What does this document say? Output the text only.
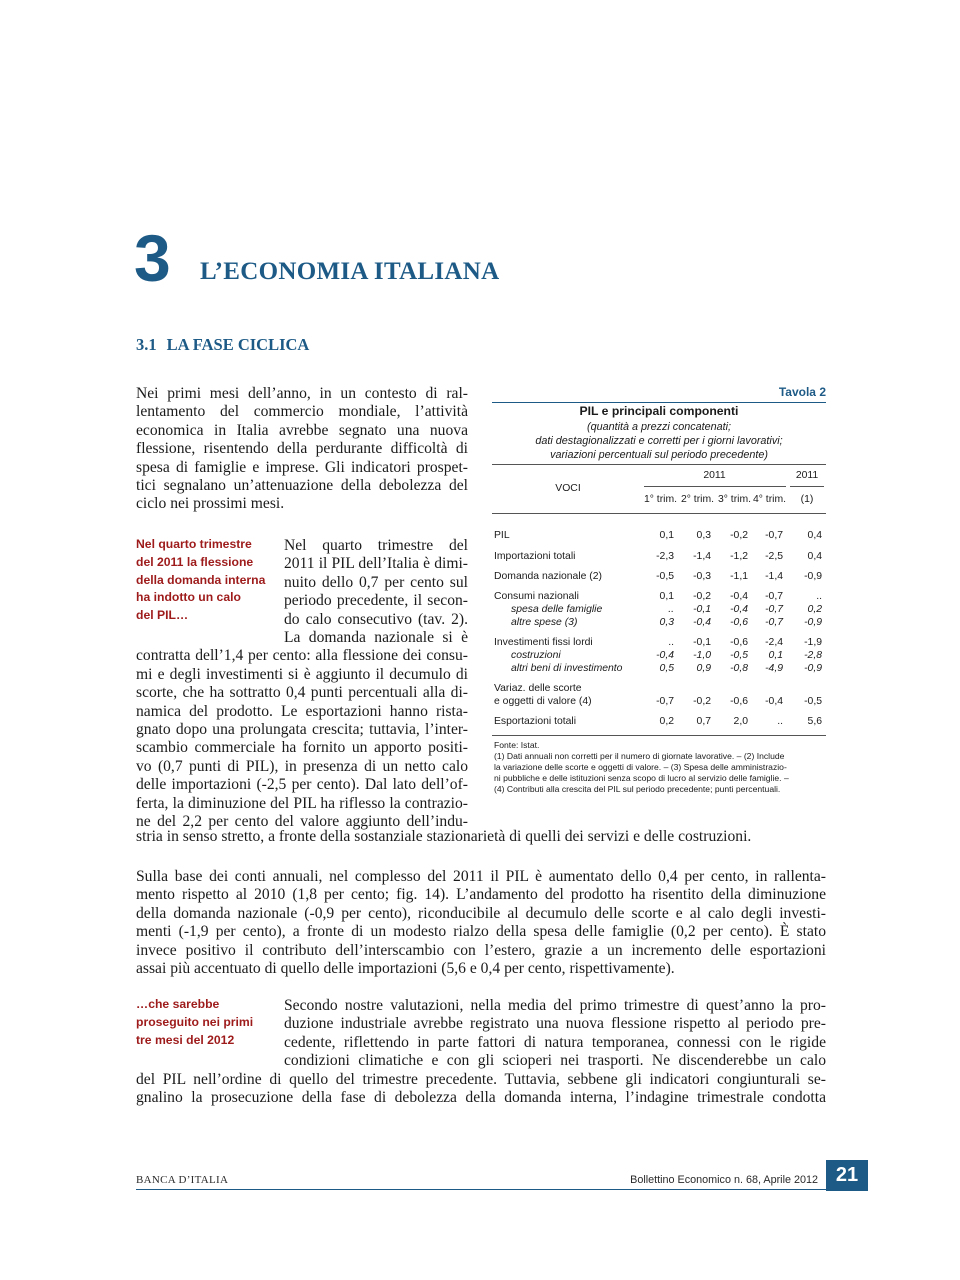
3 L’ECONOMIA ITALIANA
3.1 LA FASE CICLICA
Nei primi mesi dell’anno, in un contesto di ral-
lentamento del commercio mondiale, l’attività
economica in Italia avrebbe segnato una nuova
flessione, risentendo della perdurante difficoltà di
spesa di famiglie e imprese. Gli indicatori prospet-
tici segnalano un’attenuazione della debolezza del
ciclo nei prossimi mesi.
Nel quarto trimestre
del 2011 la flessione
della domanda interna
ha indotto un calo
del PIL…
Nel quarto trimestre del
2011 il PIL dell’Italia è dimi-
nuito dello 0,7 per cento sul
periodo precedente, il secon-
do calo consecutivo (tav. 2).
La domanda nazionale si è
contratta dell’1,4 per cento: alla flessione dei consu-
mi e degli investimenti si è aggiunto il decumulo di
scorte, che ha sottratto 0,4 punti percentuali alla di-
namica del prodotto. Le esportazioni hanno rista-
gnato dopo una prolungata crescita; tuttavia, l’inter-
scambio commerciale ha fornito un apporto positi-
vo (0,7 punti di PIL), in presenza di un netto calo
delle importazioni (-2,5 per cento). Dal lato dell’of-
ferta, la diminuzione del PIL ha riflesso la contrazio-
ne del 2,2 per cento del valore aggiunto dell’indu-
stria in senso stretto, a fronte della sostanziale stazionarietà di quelli dei servizi e delle costruzioni.
Tavola 2
PIL e principali componenti
(quantità a prezzi concatenati;
dati destagionalizzati e corretti per i giorni lavorativi;
variazioni percentuali sul periodo precedente)
VOCI
2011	2011
1° trim. 2° trim. 3° trim. 4° trim.	(1)
PIL	0,1	0,3	-0,2	-0,7	0,4
Importazioni totali	-2,3	-1,4	-1,2	-2,5	0,4
Domanda nazionale (2)	-0,5	-0,3	-1,1	-1,4	-0,9
Consumi nazionali	0,1	-0,2	-0,4	-0,7	..
spesa delle famiglie	..	-0,1	-0,4	-0,7	0,2
altre spese (3)	0,3	-0,4	-0,6	-0,7	-0,9
Investimenti fissi lordi	..	-0,1	-0,6	-2,4	-1,9
costruzioni	-0,4	-1,0	-0,5	0,1	-2,8
altri beni di investimento	0,5	0,9	-0,8	-4,9	-0,9
Variaz. delle scorte
e oggetti di valore (4)	-0,7	-0,2	-0,6	-0,4	-0,5
Esportazioni totali	0,2	0,7	2,0	..	5,6
Fonte: Istat.
(1) Dati annuali non corretti per il numero di giornate lavorative. – (2) Include
la variazione delle scorte e oggetti di valore. – (3) Spesa delle amministrazio-
ni pubbliche e delle istituzioni senza scopo di lucro al servizio delle famiglie. –
(4) Contributi alla crescita del PIL sul periodo precedente; punti percentuali.
Sulla base dei conti annuali, nel complesso del 2011 il PIL è aumentato dello 0,4 per cento, in rallenta-
mento rispetto al 2010 (1,8 per cento; fig. 14). L’andamento del prodotto ha risentito della diminuzione
della domanda nazionale (-0,9 per cento), riconducibile al decumulo delle scorte e al calo degli investi-
menti (-1,9 per cento), a fronte di un modesto rialzo della spesa delle famiglie (0,2 per cento). È stato
invece positivo il contributo dell’interscambio con l’estero, grazie a un incremento delle esportazioni
assai più accentuato di quello delle importazioni (5,6 e 0,4 per cento, rispettivamente).
…che sarebbe
proseguito nei primi
tre mesi del 2012
Secondo nostre valutazioni, nella media del primo trimestre di quest’anno la pro-
duzione industriale avrebbe registrato una nuova flessione rispetto al periodo pre-
cedente, riflettendo in parte fattori di natura temporanea, connessi con le rigide
condizioni climatiche e con gli scioperi nei trasporti. Ne discenderebbe un calo
del PIL nell’ordine di quello del trimestre precedente. Tuttavia, sebbene gli indicatori congiunturali se-
gnalino la prosecuzione della fase di debolezza della domanda interna, l’indagine trimestrale condotta
BANCA D’ITALIA	Bollettino Economico n. 68, Aprile 2012 21
